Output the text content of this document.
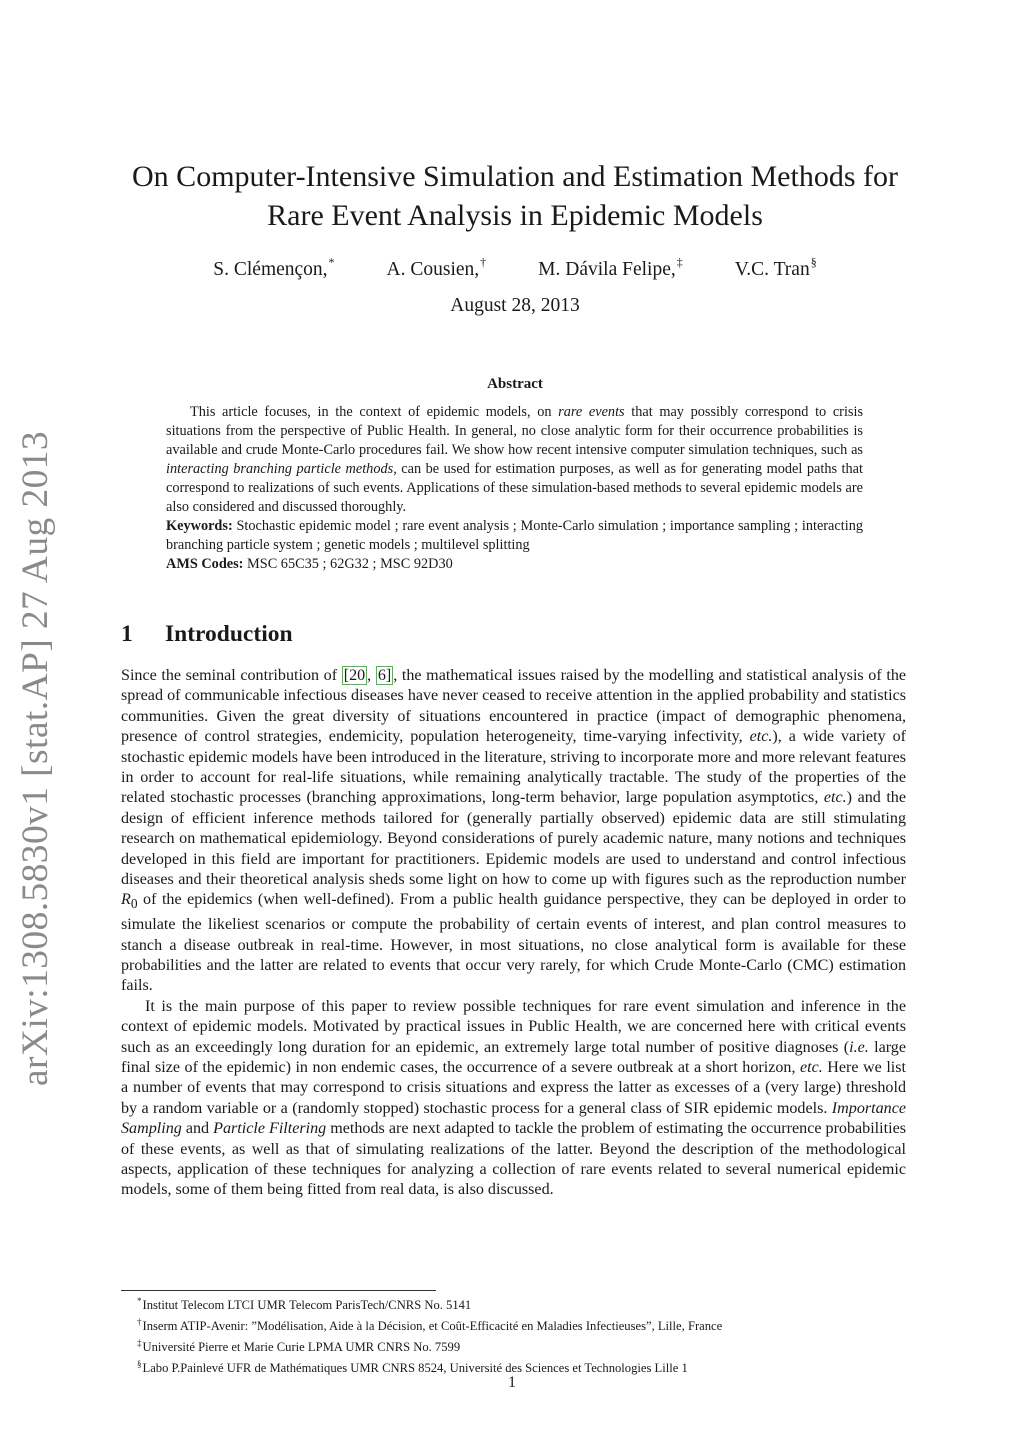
arXiv:1308.5830v1 [stat.AP] 27 Aug 2013
On Computer-Intensive Simulation and Estimation Methods for
Rare Event Analysis in Epidemic Models
S. Clémençon,*	A. Cousien,†	M. Dávila Felipe,‡	V.C. Tran§
August 28, 2013
Abstract

This article focuses, in the context of epidemic models, on rare events that may possibly correspond to crisis situations from the perspective of Public Health. In general, no close analytic form for their occurrence probabilities is available and crude Monte-Carlo procedures fail. We show how recent intensive computer simulation techniques, such as interacting branching particle methods, can be used for estimation purposes, as well as for generating model paths that correspond to realizations of such events. Applications of these simulation-based methods to several epidemic models are also considered and discussed thoroughly.

Keywords: Stochastic epidemic model ; rare event analysis ; Monte-Carlo simulation ; importance sampling ; interacting branching particle system ; genetic models ; multilevel splitting

AMS Codes: MSC 65C35 ; 62G32 ; MSC 92D30

1 Introduction

Since the seminal contribution of [20 , 6] , the mathematical issues raised by the modelling and statistical analysis of the spread of communicable infectious diseases have never ceased to receive attention in the applied probability and statistics communities. Given the great diversity of situations encountered in practice (impact of demographic phenomena, presence of control strategies, endemicity, population heterogeneity, time-varying infectivity, etc.), a wide variety of stochastic epidemic models have been introduced in the literature, striving to incorporate more and more relevant features in order to account for real-life situations, while remaining analytically tractable. The study of the properties of the related stochastic processes (branching approximations, long-term behavior, large population asymptotics, etc.) and the design of efficient inference methods tailored for (generally partially observed) epidemic data are still stimulating research on mathematical epidemiology. Beyond considerations of purely academic nature, many notions and techniques developed in this field are important for practitioners. Epidemic models are used to understand and control infectious diseases and their theoretical analysis sheds some light on how to come up with figures such as the reproduction number $R_0$ of the epidemics (when well-defined). From a public health guidance perspective, they can be deployed in order to simulate the likeliest scenarios or compute the probability of certain events of interest, and plan control measures to stanch a disease outbreak in real-time. However, in most situations, no close analytical form is available for these probabilities and the latter are related to events that occur very rarely, for which Crude Monte-Carlo (CMC) estimation fails.

It is the main purpose of this paper to review possible techniques for rare event simulation and inference in the context of epidemic models. Motivated by practical issues in Public Health, we are concerned here with critical events such as an exceedingly long duration for an epidemic, an extremely large total number of positive diagnoses (i.e. large final size of the epidemic) in non endemic cases, the occurrence of a severe outbreak at a short horizon, etc. Here we list a number of events that may correspond to crisis situations and express the latter as excesses of a (very large) threshold by a random variable or a (randomly stopped) stochastic process for a general class of SIR epidemic models. Importance Sampling and Particle Filtering methods are next adapted to tackle the problem of estimating the occurrence probabilities of these events, as well as that of simulating realizations of the latter. Beyond the description of the methodological aspects, application of these techniques for analyzing a collection of rare events related to several numerical epidemic models, some of them being fitted from real data, is also discussed.

*Institut Telecom LTCI UMR Telecom ParisTech/CNRS No. 5141
†Inserm ATIP-Avenir: ”Modélisation, Aide à la Décision, et Coût-Efficacité en Maladies Infectieuses”, Lille, France
‡Université Pierre et Marie Curie LPMA UMR CNRS No. 7599
§Labo P.Painlevé UFR de Mathématiques UMR CNRS 8524, Université des Sciences et Technologies Lille 1
1
